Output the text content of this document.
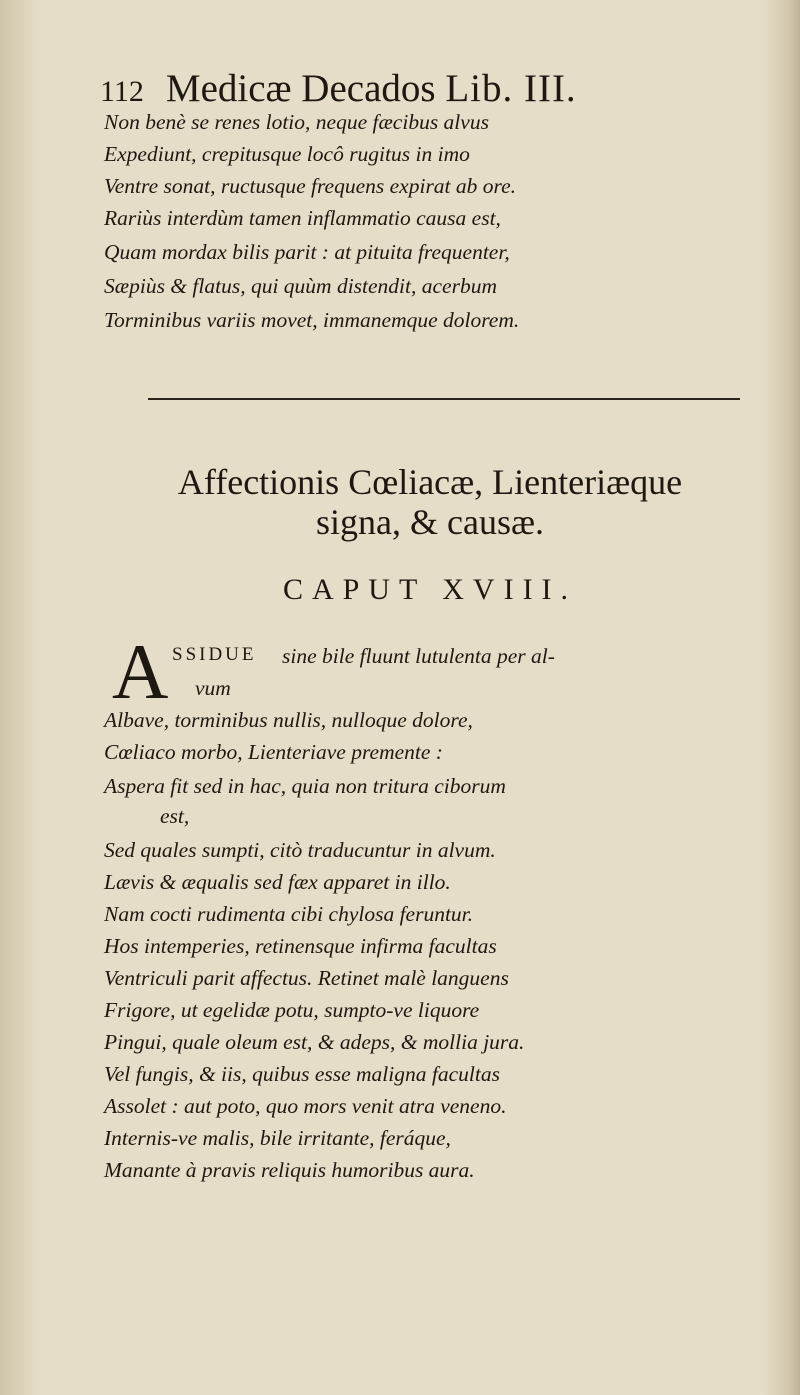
112 Medicæ Decados Lib. III.
Non benè se renes lotio, neque fæcibus alvus
Expediunt, crepitusque locô rugitus in imo
Ventre sonat, ructusque frequens expirat ab ore.
Rariùs interdùm tamen inflammatio causa est,
Quam mordax bilis parit : at pituita frequenter,
Sæpiùs & flatus, qui quùm distendit, acerbum
Torminibus variis movet, immanemque dolorem.
Affectionis Cœliacæ, Lienteriæque
signa, & causæ.
CAPUT XVIII.
A SSIDUE sine bile fluunt lutulenta per al-
vum
Albave, torminibus nullis, nulloque dolore,
Cœliaco morbo, Lienteriave premente :
Aspera fit sed in hac, quia non tritura ciborum
est,
Sed quales sumpti, citò traducuntur in alvum.
Lævis & æqualis sed fæx apparet in illo.
Nam cocti rudimenta cibi chylosa feruntur.
Hos intemperies, retinensque infirma facultas
Ventriculi parit affectus. Retinet malè languens
Frigore, ut egelidæ potu, sumpto-ve liquore
Pingui, quale oleum est, & adeps, & mollia jura.
Vel fungis, & iis, quibus esse maligna facultas
Assolet : aut poto, quo mors venit atra veneno.
Internis-ve malis, bile irritante, feráque,
Manante à pravis reliquis humoribus aura.
